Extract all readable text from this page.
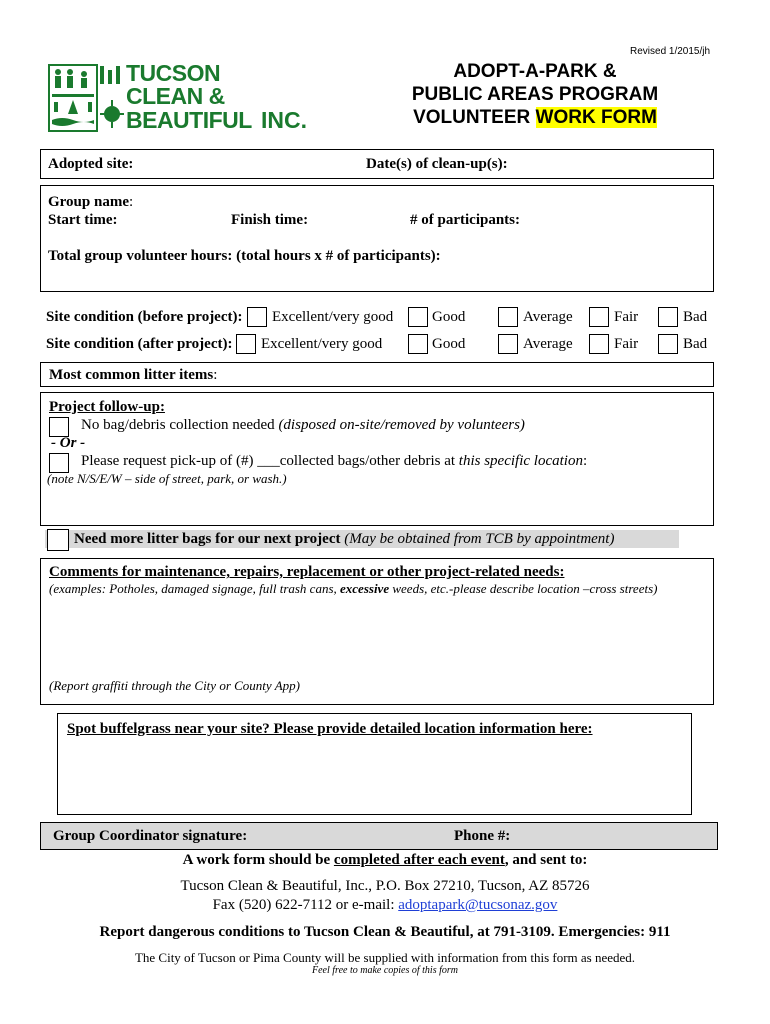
Revised 1/2015/jh
TUCSON
CLEAN &
BEAUTIFUL INC.
ADOPT-A-PARK &
PUBLIC AREAS PROGRAM
VOLUNTEER WORK FORM
Adopted site:	Date(s) of clean-up(s):
Group name:
Start time:	Finish time:	# of participants:
Total group volunteer hours: (total hours x # of participants):
Site condition (before project): Excellent/very good	Good	Average	Fair	Bad
Site condition (after project): Excellent/very good	Good	Average	Fair	Bad
Most common litter items:
Project follow-up:
No bag/debris collection needed (disposed on-site/removed by volunteers)
- Or -
Please request pick-up of (#) ___collected bags/other debris at this specific location:
(note N/S/E/W – side of street, park, or wash.)
Need more litter bags for our next project (May be obtained from TCB by appointment)
Comments for maintenance, repairs, replacement or other project-related needs:
(examples: Potholes, damaged signage, full trash cans, excessive weeds, etc.-please describe location –cross streets)
(Report graffiti through the City or County App)
Spot buffelgrass near your site? Please provide detailed location information here:
Group Coordinator signature:	Phone #:
A work form should be completed after each event, and sent to:
Tucson Clean & Beautiful, Inc., P.O. Box 27210, Tucson, AZ 85726
Fax (520) 622-7112 or e-mail: adoptapark@tucsonaz.gov
Report dangerous conditions to Tucson Clean & Beautiful, at 791-3109. Emergencies: 911
The City of Tucson or Pima County will be supplied with information from this form as needed.
Feel free to make copies of this form
